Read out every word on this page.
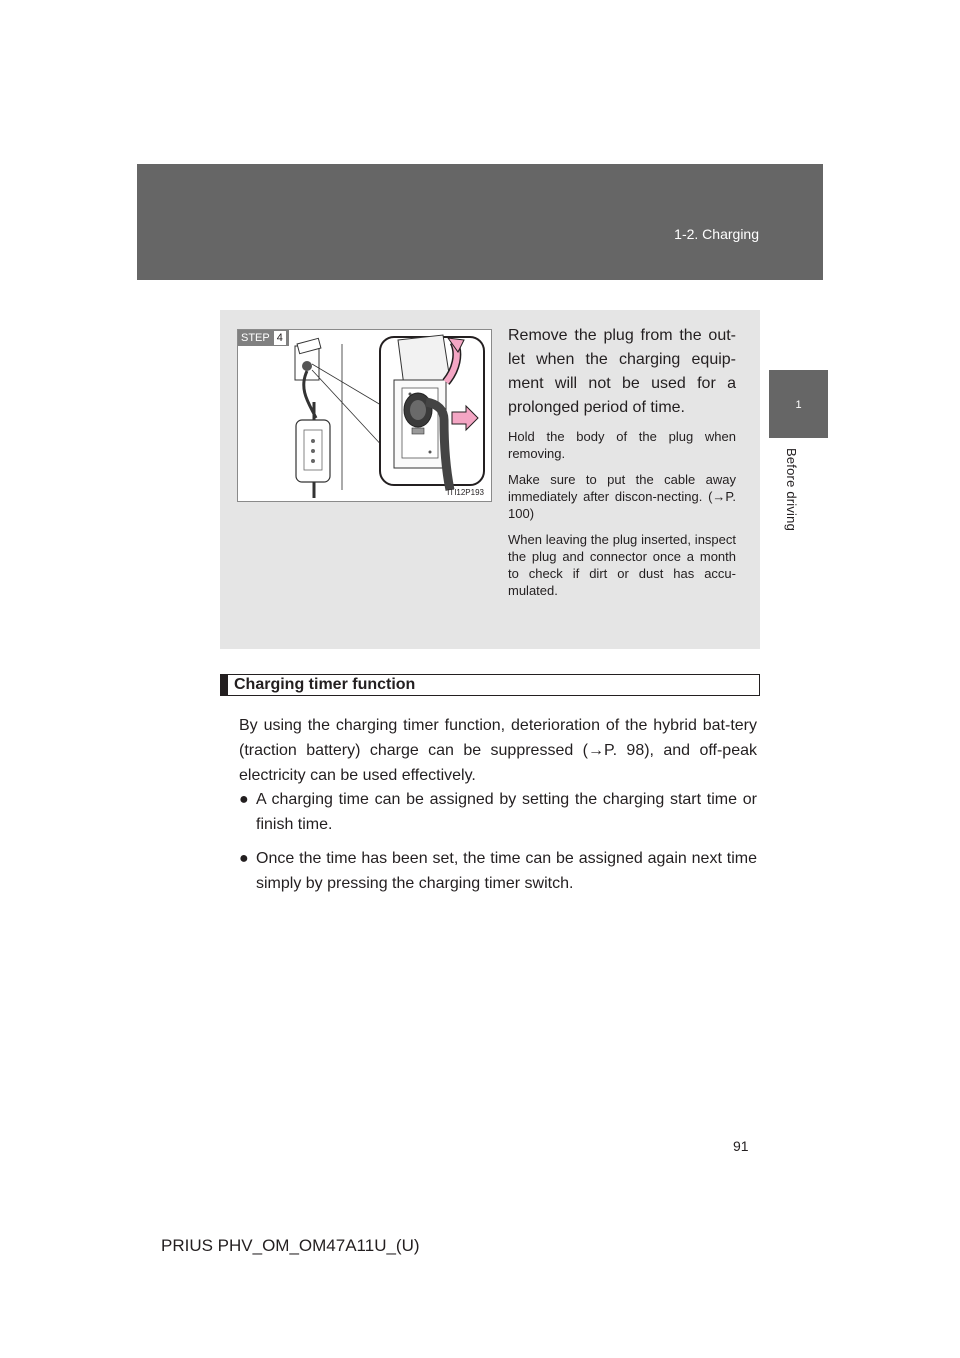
1-2. Charging
1
Before driving
STEP 4
ITI12P193

Remove the plug from the out-let when the charging equip-ment will not be used for a prolonged period of time.

Hold the body of the plug when removing.

Make sure to put the cable away immediately after discon-necting. (→P. 100)

When leaving the plug inserted, inspect the plug and connector once a month to check if dirt or dust has accu-mulated.

Charging timer function

By using the charging timer function, deterioration of the hybrid bat-tery (traction battery) charge can be suppressed (→P. 98), and off-peak electricity can be used effectively.

● A charging time can be assigned by setting the charging start time or finish time.
● Once the time has been set, the time can be assigned again next time simply by pressing the charging timer switch.
91
PRIUS PHV_OM_OM47A11U_(U)
